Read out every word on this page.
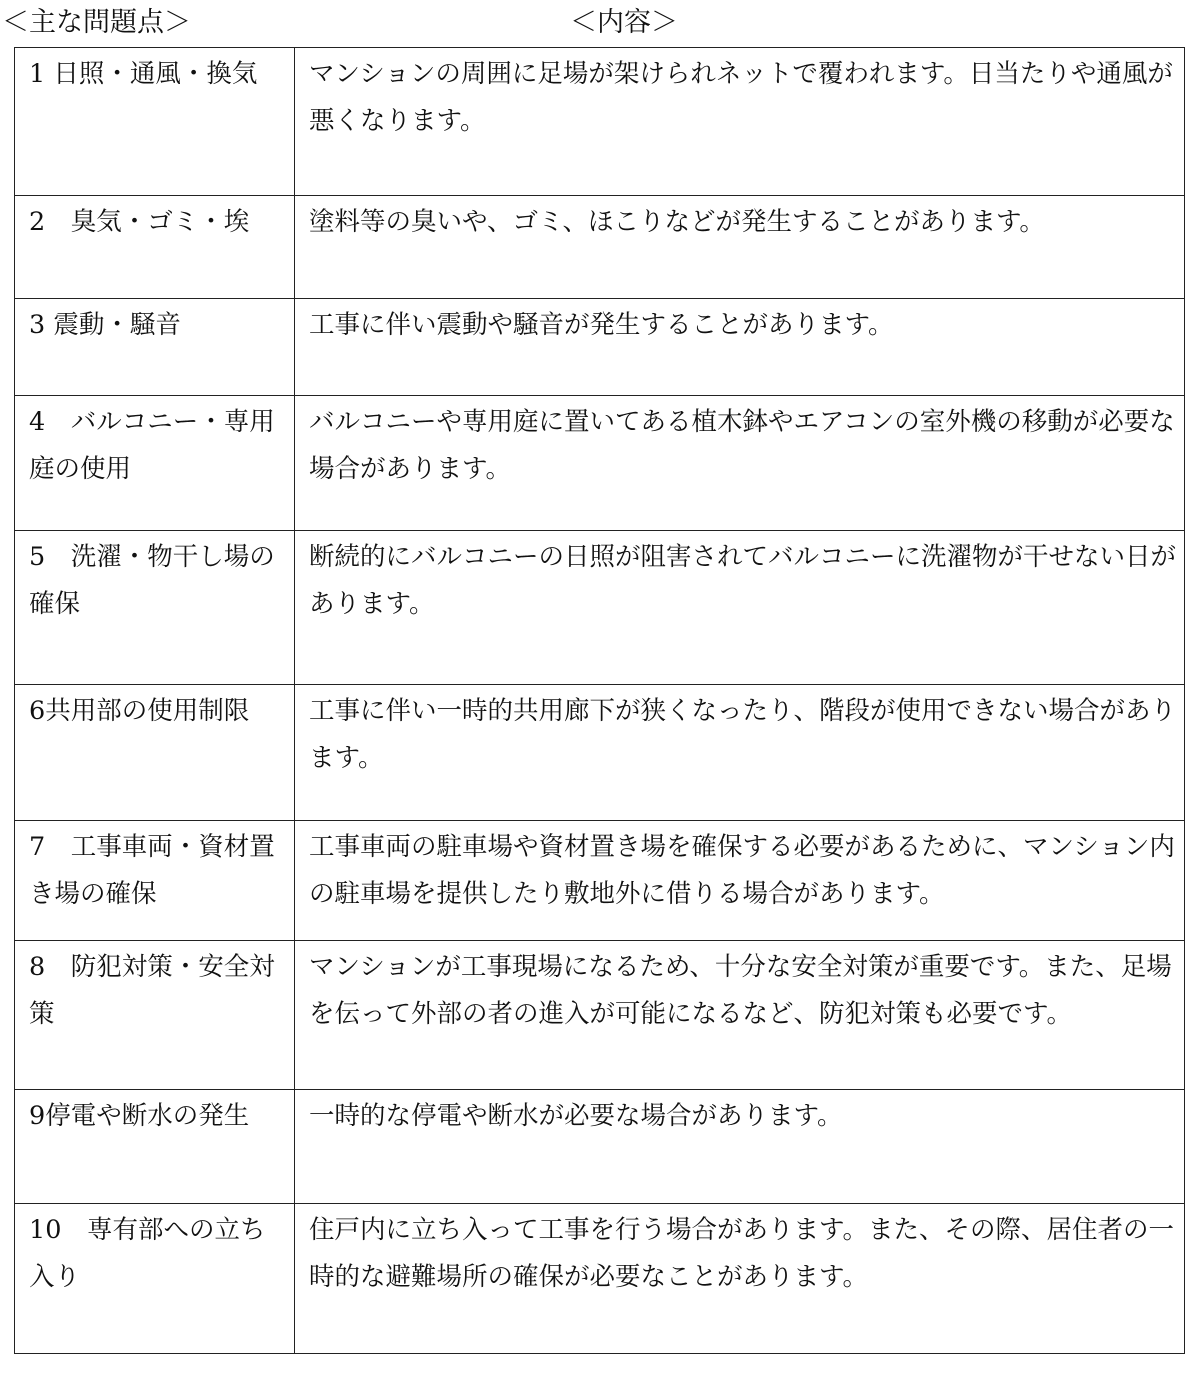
＜主な問題点＞	＜内容＞
1 日照・通風・換気	マンションの周囲に足場が架けられネットで覆われます。日当たりや通風が悪くなります。
2　臭気・ゴミ・埃	塗料等の臭いや、ゴミ、ほこりなどが発生することがあります。
3 震動・騒音	工事に伴い震動や騒音が発生することがあります。
4　バルコニー・専用庭の使用	バルコニーや専用庭に置いてある植木鉢やエアコンの室外機の移動が必要な場合があります。
5　洗濯・物干し場の確保	断続的にバルコニーの日照が阻害されてバルコニーに洗濯物が干せない日があります。
6共用部の使用制限	工事に伴い一時的共用廊下が狭くなったり、階段が使用できない場合があります。
7　工事車両・資材置き場の確保	工事車両の駐車場や資材置き場を確保する必要があるために、マンション内の駐車場を提供したり敷地外に借りる場合があります。
8　防犯対策・安全対策	マンションが工事現場になるため、十分な安全対策が重要です。また、足場を伝って外部の者の進入が可能になるなど、防犯対策も必要です。
9停電や断水の発生	一時的な停電や断水が必要な場合があります。
10　専有部への立ち入り	住戸内に立ち入って工事を行う場合があります。また、その際、居住者の一時的な避難場所の確保が必要なことがあります。
